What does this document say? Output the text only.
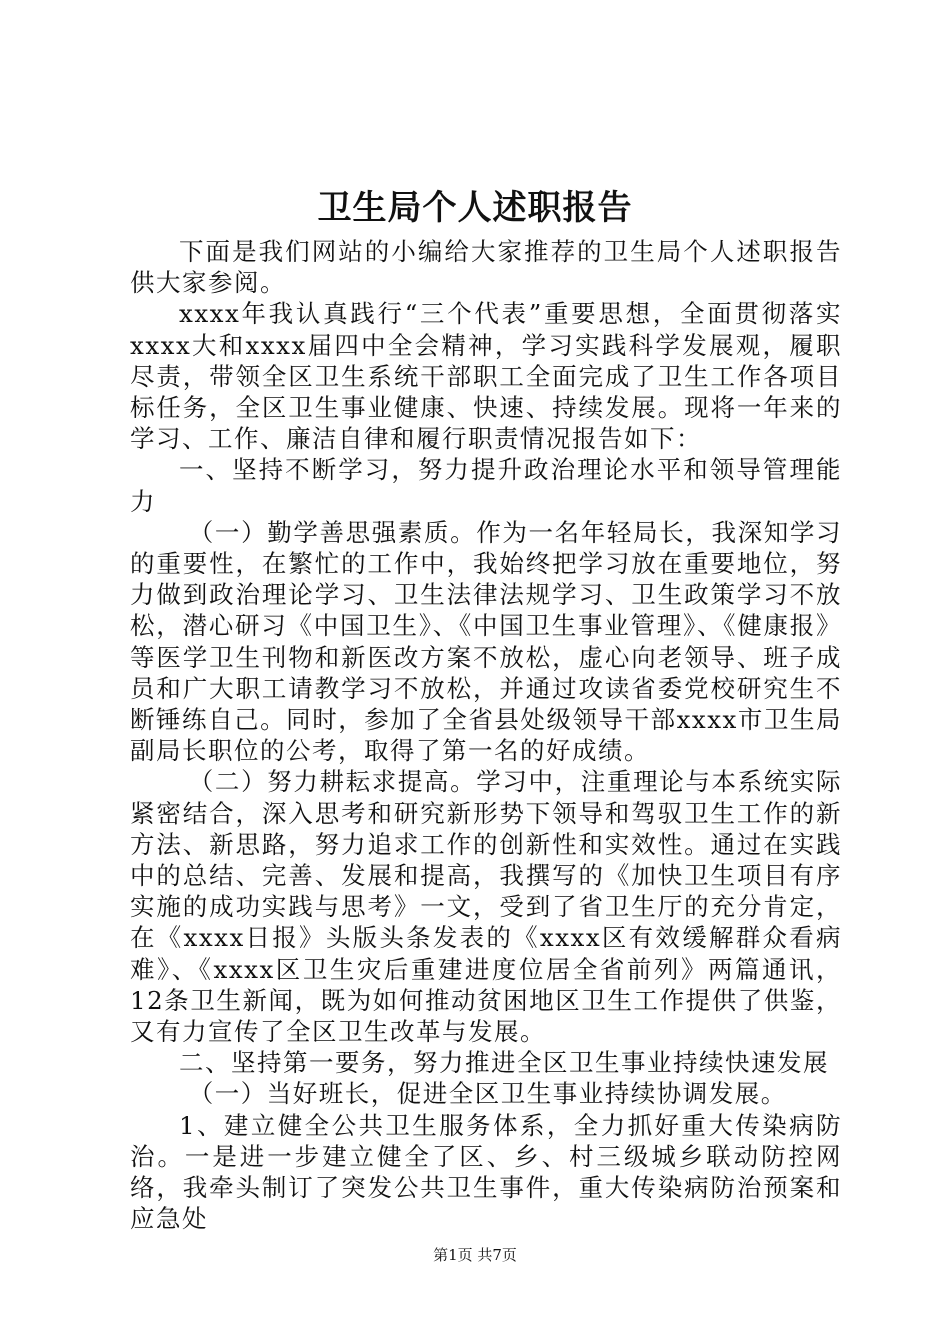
卫生局个人述职报告

下面是我们网站的小编给大家推荐的卫生局个人述职报告供大家参阅。

xxxx年我认真践行“三个代表”重要思想，全面贯彻落实xxxx大和xxxx届四中全会精神，学习实践科学发展观，履职尽责，带领全区卫生系统干部职工全面完成了卫生工作各项目标任务，全区卫生事业健康、快速、持续发展。现将一年来的学习、工作、廉洁自律和履行职责情况报告如下：

一、坚持不断学习，努力提升政治理论水平和领导管理能力

（一）勤学善思强素质。作为一名年轻局长，我深知学习的重要性，在繁忙的工作中，我始终把学习放在重要地位，努力做到政治理论学习、卫生法律法规学习、卫生政策学习不放松，潜心研习《中国卫生》、《中国卫生事业管理》、《健康报》等医学卫生刊物和新医改方案不放松，虚心向老领导、班子成员和广大职工请教学习不放松，并通过攻读省委党校研究生不断锤练自己。同时，参加了全省县处级领导干部xxxx市卫生局副局长职位的公考，取得了第一名的好成绩。

（二）努力耕耘求提高。学习中，注重理论与本系统实际紧密结合，深入思考和研究新形势下领导和驾驭卫生工作的新方法、新思路，努力追求工作的创新性和实效性。通过在实践中的总结、完善、发展和提高，我撰写的《加快卫生项目有序实施的成功实践与思考》一文，受到了省卫生厅的充分肯定，在《xxxx日报》头版头条发表的《xxxx区有效缓解群众看病难》、《xxxx区卫生灾后重建进度位居全省前列》两篇通讯，12条卫生新闻，既为如何推动贫困地区卫生工作提供了供鉴，又有力宣传了全区卫生改革与发展。

二、坚持第一要务，努力推进全区卫生事业持续快速发展

（一）当好班长，促进全区卫生事业持续协调发展。

1、建立健全公共卫生服务体系，全力抓好重大传染病防治。一是进一步建立健全了区、乡、村三级城乡联动防控网络，我牵头制订了突发公共卫生事件，重大传染病防治预案和应急处

第1页 共7页
